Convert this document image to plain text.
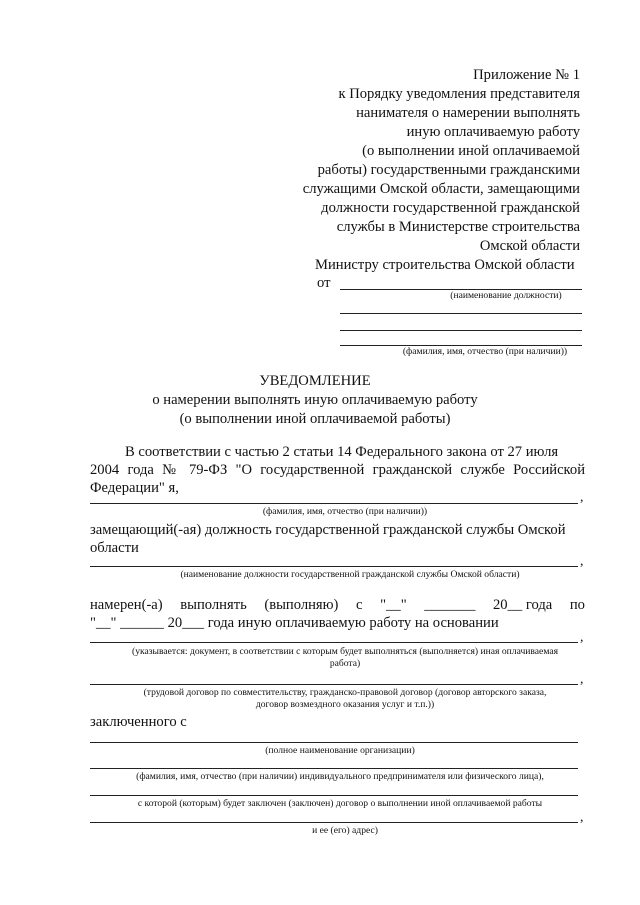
Приложение № 1
к Порядку уведомления представителя
нанимателя о намерении выполнять
иную оплачиваемую работу
(о выполнении иной оплачиваемой
работы) государственными гражданскими
служащими Омской области, замещающими
должности государственной гражданской
службы в Министерстве строительства
Омской области
Министру строительства Омской области
от
(наименование должности)
(фамилия, имя, отчество (при наличии))
УВЕДОМЛЕНИЕ
о намерении выполнять иную оплачиваемую работу
(о выполнении иной оплачиваемой работы)
В соответствии с частью 2 статьи 14 Федерального закона от 27 июля
2004 года № 79-ФЗ "О государственной гражданской службе Российской
Федерации" я,
,
(фамилия, имя, отчество (при наличии))
замещающий(-ая) должность государственной гражданской службы Омской
области
,
(наименование должности государственной гражданской службы Омской области)
намерен(-а) выполнять (выполняю) с "__" _______ 20__ года по
"__" ______ 20___ года иную оплачиваемую работу на основании
,
(указывается: документ, в соответствии с которым будет выполняться (выполняется) иная оплачиваемая
работа)
,
(трудовой договор по совместительству, гражданско-правовой договор (договор авторского заказа,
договор возмездного оказания услуг и т.п.))
заключенного с
(полное наименование организации)
(фамилия, имя, отчество (при наличии) индивидуального предпринимателя или физического лица),
с которой (которым) будет заключен (заключен) договор о выполнении иной оплачиваемой работы
,
и ее (его) адрес)
